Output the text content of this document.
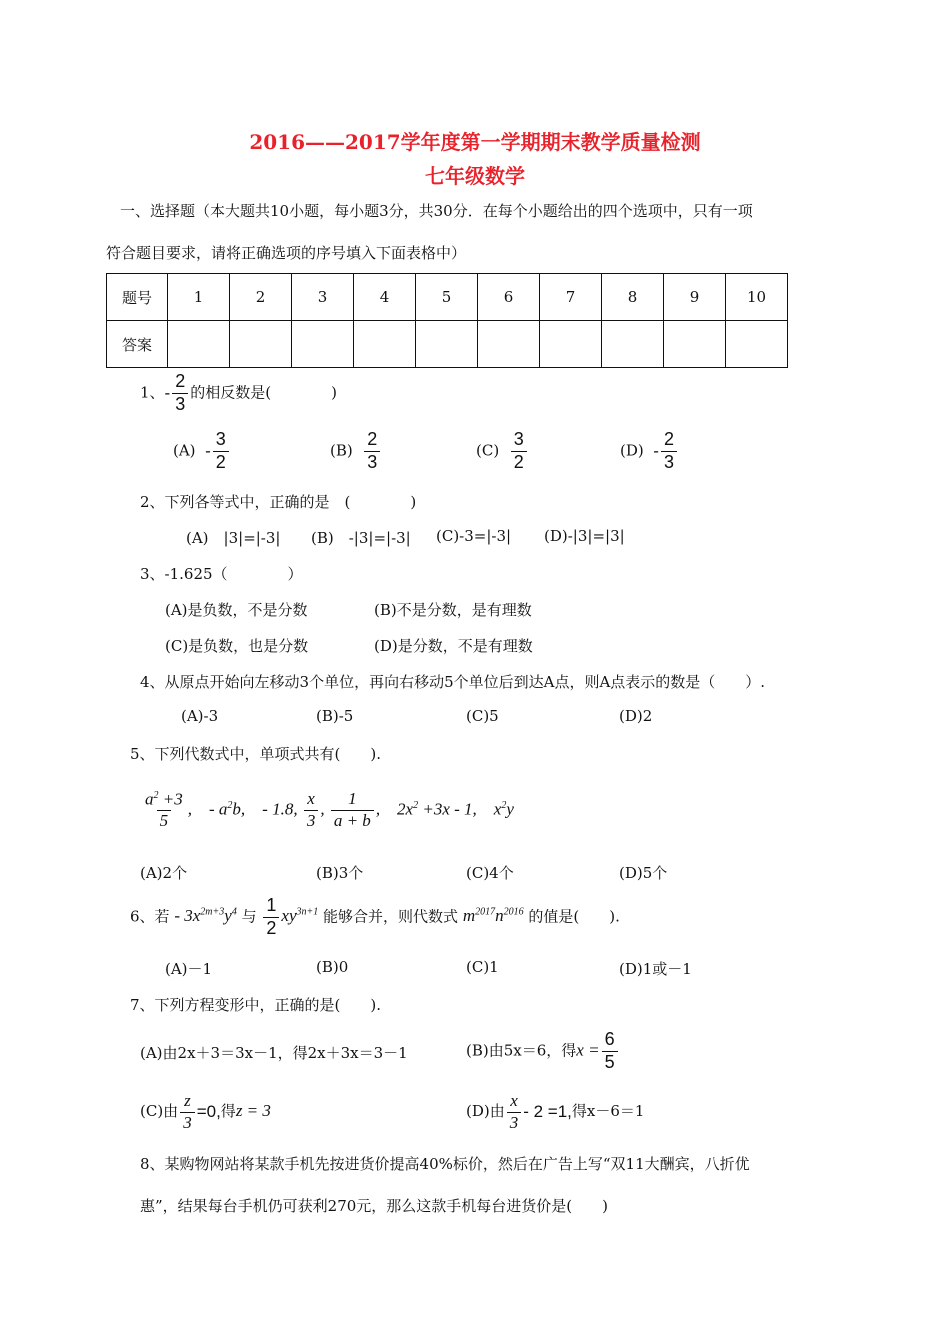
2016——2017学年度第一学期期末教学质量检测
七年级数学
一、选择题（本大题共10小题，每小题3分，共30分．在每个小题给出的四个选项中，只有一项
符合题目要求，请将正确选项的序号填入下面表格中）
题号	1	2	3	4	5	6	7	8	9	10
答案										
1、- $\frac{2}{3}$ 的相反数是(　　　　)
$(A) - \frac{3}{2}$	$(B) \frac{2}{3}$	$(C) \frac{3}{2}$	$(D) - \frac{2}{3}$
2、下列各等式中，正确的是　(　　　　)
(A)　|3|=|-3| (B)　-|3|=|-3| (C)-3=|-3| (D)-|3|=|3|
3、-1.625（　　　　）
(A)是负数，不是分数	(B)不是分数，是有理数
(C)是负数，也是分数	(D)是分数，不是有理数
4、从原点开始向左移动3个单位，再向右移动5个单位后到达A点，则A点表示的数是（　　）.
(A)-3	(B)-5	(C)5	(D)2
5、下列代数式中，单项式共有(　　).
$\frac{a^2 +3}{5}$ ,　- $a^2b$,　- 1.8, $\frac{x}{3}$ , $\frac{1}{a + b}$ ,　$2x^2 +3x - 1$,　$x^2y$
(A)2个	(B)3个	(C)4个	(D)5个
6、若 - $3x^{2m+3}y^4$ 与 $\frac{1}{2} xy^{3n+1}$ 能够合并，则代数式 $m^{2017}n^{2016}$ 的值是(　　).
(A)－1	(B)0	(C)1	(D)1或－1
7、下列方程变形中，正确的是(　　).
(A)由2x＋3＝3x－1，得2x＋3x＝3－1	(B)由5x＝6，得$x = \frac{6}{5}$
(C)由 $\frac{z}{3} =0$,得z = 3	(D)由 $\frac{x}{3} - 2 =1$,得x－6＝1
8、某购物网站将某款手机先按进货价提高40%标价，然后在广告上写“双11大酬宾，八折优
惠”，结果每台手机仍可获利270元，那么这款手机每台进货价是(　　)
